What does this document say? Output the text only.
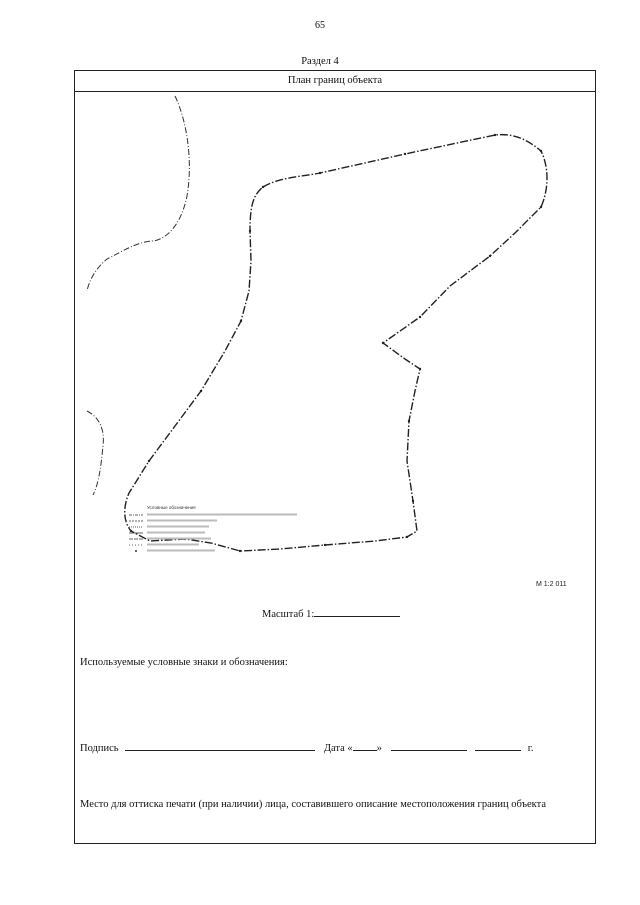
65
Раздел 4
План границ объекта
Условные обозначения
М 1:2 011
Масштаб 1:
Используемые условные знаки и обозначения:
Подпись	Дата « »	г.
Место для оттиска печати (при наличии) лица, составившего описание местоположения границ объекта
